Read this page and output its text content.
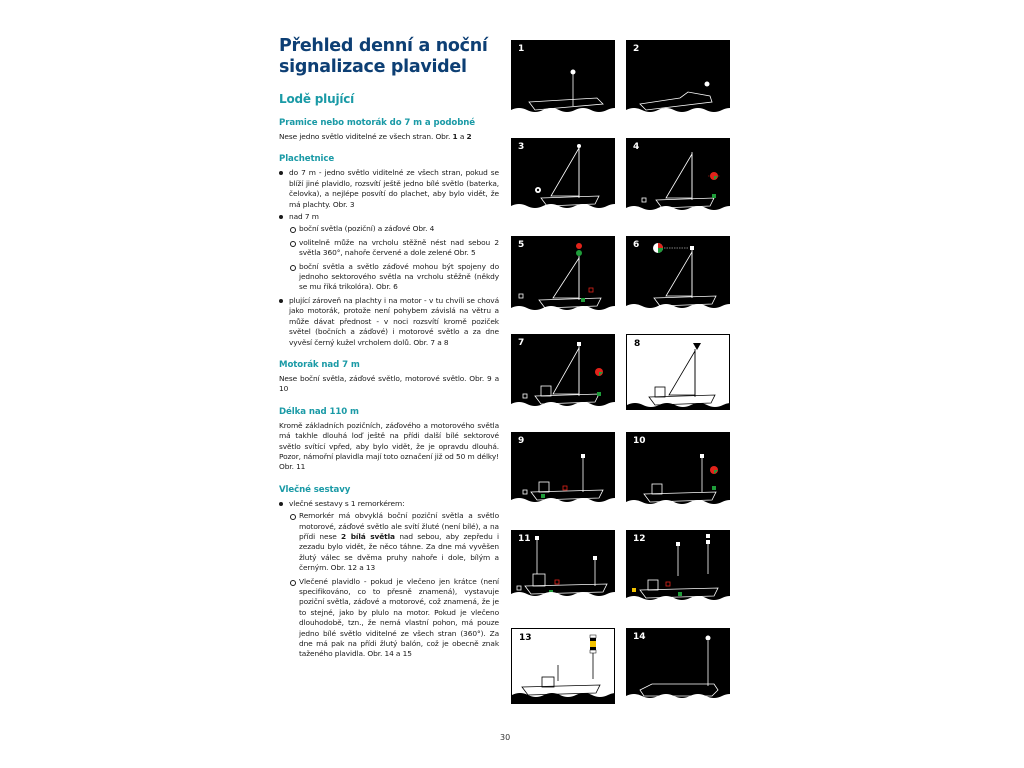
Přehled denní a noční
signalizace plavidel
Lodě plující
Pramice nebo motorák do 7 m a podobné
Nese jedno světlo viditelné ze všech stran. Obr. 1 a 2
Plachetnice
do 7 m - jedno světlo viditelné ze všech stran, pokud se blíží jiné plavidlo, rozsvítí ještě jedno bílé světlo (baterka, čelovka), a nejlépe posvítí do plachet, aby bylo vidět, že má plachty. Obr. 3
nad 7 m
boční světla (poziční) a záďové Obr. 4
volitelně může na vrcholu stěžně nést nad sebou 2 světla 360°, nahoře červené a dole zelené Obr. 5
boční světla a světlo záďové mohou být spojeny do jednoho sektorového světla na vrcholu stěžně (někdy se mu říká trikolóra). Obr. 6
plující zároveň na plachty i na motor - v tu chvíli se chová jako motorák, protože není pohybem závislá na větru a může dávat přednost - v noci rozsvítí kromě poziček světel (bočních a záďové) i motorové světlo a za dne vyvěsí černý kužel vrcholem dolů. Obr. 7 a 8
Motorák nad 7 m
Nese boční světla, záďové světlo, motorové světlo. Obr. 9 a 10
Délka nad 110 m
Kromě základních pozičních, záďového a motorového světla má takhle dlouhá loď ještě na přídi další bílé sektorové světlo svítící vpřed, aby bylo vidět, že je opravdu dlouhá. Pozor, námořní plavidla mají toto označení již od 50 m délky! Obr. 11
Vlečné sestavy
vlečné sestavy s 1 remorkérem:
Remorkér má obvyklá boční poziční světla a světlo motorové, záďové světlo ale svítí žluté (není bílé), a na přídi nese 2 bílá světla nad sebou, aby zepředu i zezadu bylo vidět, že něco táhne. Za dne má vyvěšen žlutý válec se dvěma pruhy nahoře i dole, bílým a černým. Obr. 12 a 13
Vlečené plavidlo - pokud je vlečeno jen krátce (není specifikováno, co to přesně znamená), vystavuje poziční světla, záďové a motorové, což znamená, že je to stejné, jako by plulo na motor. Pokud je vlečeno dlouhodobě, tzn., že nemá vlastní pohon, má pouze jedno bílé světlo viditelné ze všech stran (360°). Za dne má pak na přídi žlutý balón, což je obecně znak taženého plavidla. Obr. 14 a 15
1	2
3	4
5	6
7	8
9	10
11	12
13	14
30
